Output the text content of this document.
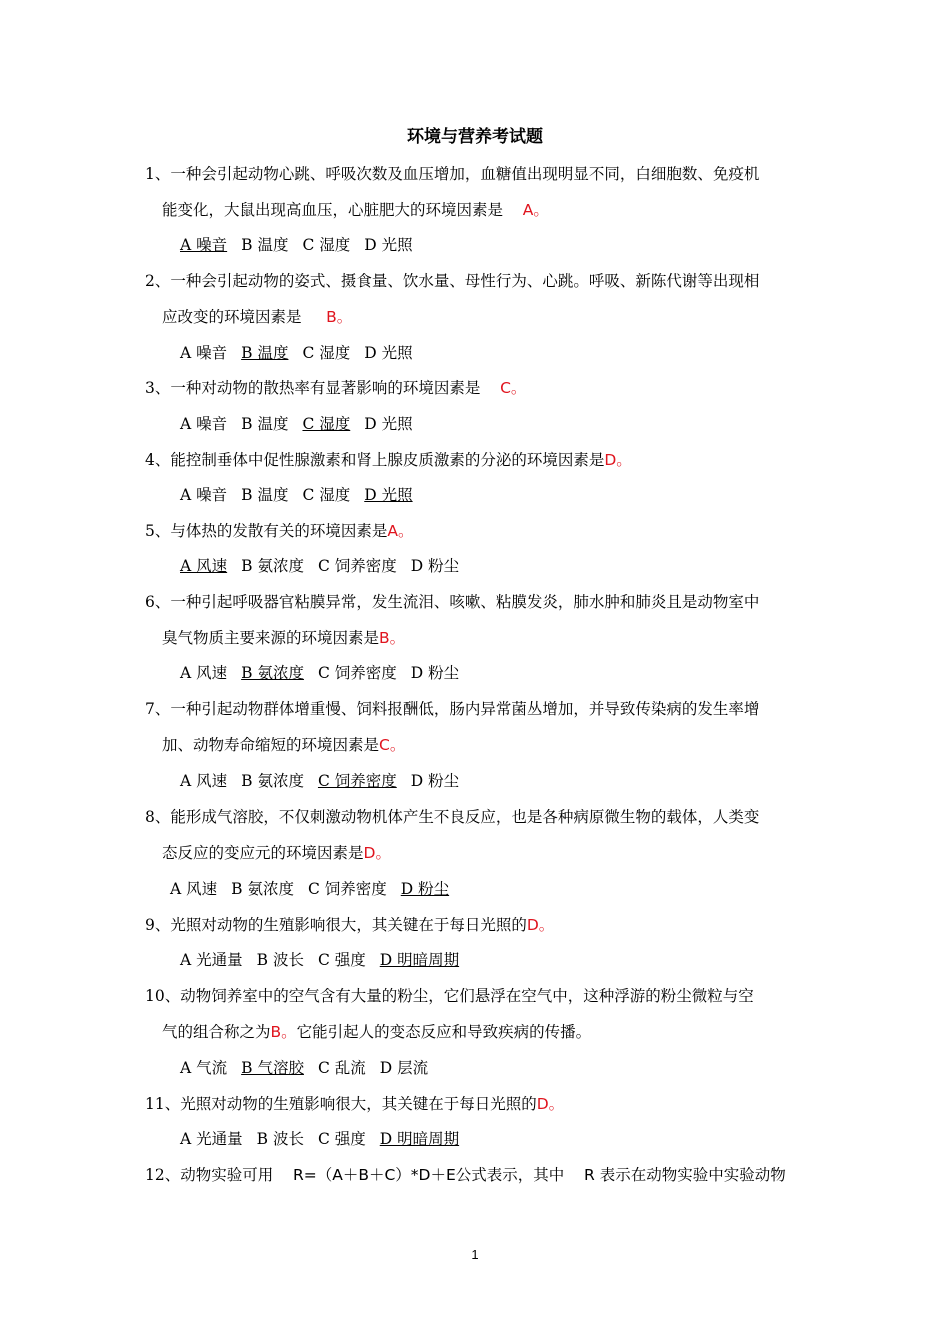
环境与营养考试题
1、一种会引起动物心跳、呼吸次数及血压增加，血糖值出现明显不同，白细胞数、免疫机
能变化，大鼠出现高血压，心脏肥大的环境因素是 A。
A 噪音 B 温度 C 湿度 D 光照
2、一种会引起动物的姿式、摄食量、饮水量、母性行为、心跳。呼吸、新陈代谢等出现相
应改变的环境因素是 B。
A 噪音 B 温度 C 湿度 D 光照
3、一种对动物的散热率有显著影响的环境因素是 C。
A 噪音 B 温度 C 湿度 D 光照
4、能控制垂体中促性腺激素和肾上腺皮质激素的分泌的环境因素是D。
A 噪音 B 温度 C 湿度 D 光照
5、与体热的发散有关的环境因素是A。
A 风速 B 氨浓度 C 饲养密度 D 粉尘
6、一种引起呼吸器官粘膜异常，发生流泪、咳嗽、粘膜发炎，肺水肿和肺炎且是动物室中
臭气物质主要来源的环境因素是B。
A 风速 B 氨浓度 C 饲养密度 D 粉尘
7、一种引起动物群体增重慢、饲料报酬低，肠内异常菌丛增加，并导致传染病的发生率增
加、动物寿命缩短的环境因素是C。
A 风速 B 氨浓度 C 饲养密度 D 粉尘
8、能形成气溶胶，不仅刺激动物机体产生不良反应，也是各种病原微生物的载体，人类变
态反应的变应元的环境因素是D。
A 风速 B 氨浓度 C 饲养密度 D 粉尘
9、光照对动物的生殖影响很大，其关键在于每日光照的D。
A 光通量 B 波长 C 强度 D 明暗周期
10、动物饲养室中的空气含有大量的粉尘，它们悬浮在空气中，这种浮游的粉尘微粒与空
气的组合称之为B。它能引起人的变态反应和导致疾病的传播。
A 气流 B 气溶胶 C 乱流 D 层流
11、光照对动物的生殖影响很大，其关键在于每日光照的D。
A 光通量 B 波长 C 强度 D 明暗周期
12、动物实验可用 R=（A＋B＋C）*D＋E公式表示，其中 R 表示在动物实验中实验动物
1
